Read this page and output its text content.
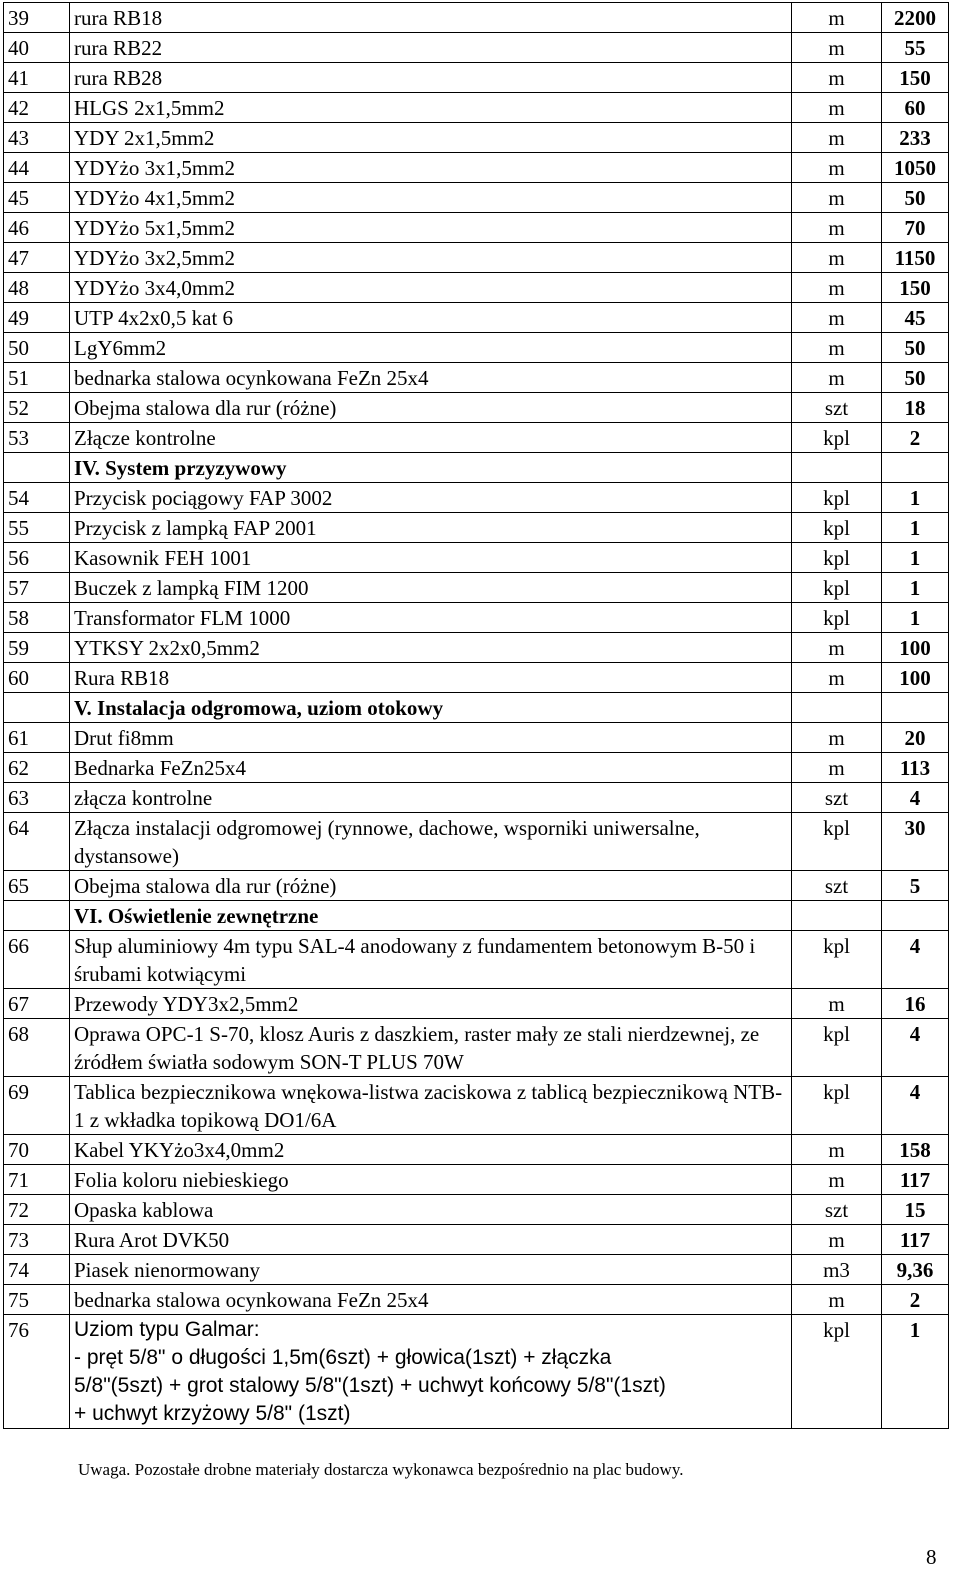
39	rura RB18	m	2200
40	rura RB22	m	55
41	rura RB28	m	150
42	HLGS 2x1,5mm2	m	60
43	YDY 2x1,5mm2	m	233
44	YDYżo 3x1,5mm2	m	1050
45	YDYżo 4x1,5mm2	m	50
46	YDYżo 5x1,5mm2	m	70
47	YDYżo 3x2,5mm2	m	1150
48	YDYżo 3x4,0mm2	m	150
49	UTP 4x2x0,5 kat 6	m	45
50	LgY6mm2	m	50
51	bednarka stalowa ocynkowana FeZn 25x4	m	50
52	Obejma stalowa dla rur (różne)	szt	18
53	Złącze kontrolne	kpl	2
	IV. System przyzywowy		
54	Przycisk pociągowy FAP 3002	kpl	1
55	Przycisk z lampką FAP 2001	kpl	1
56	Kasownik FEH 1001	kpl	1
57	Buczek z lampką FIM 1200	kpl	1
58	Transformator FLM 1000	kpl	1
59	YTKSY 2x2x0,5mm2	m	100
60	Rura RB18	m	100
	V. Instalacja odgromowa, uziom otokowy		
61	Drut fi8mm	m	20
62	Bednarka FeZn25x4	m	113
63	złącza kontrolne	szt	4
64	Złącza instalacji odgromowej (rynnowe, dachowe, wsporniki uniwersalne, dystansowe)	kpl	30
65	Obejma stalowa dla rur (różne)	szt	5
	VI. Oświetlenie zewnętrzne		
66	Słup aluminiowy 4m typu SAL-4 anodowany z fundamentem betonowym B-50 i śrubami kotwiącymi	kpl	4
67	Przewody YDY3x2,5mm2	m	16
68	Oprawa OPC-1 S-70, klosz Auris z daszkiem, raster mały ze stali nierdzewnej, ze źródłem światła sodowym SON-T PLUS 70W	kpl	4
69	Tablica bezpiecznikowa wnękowa-listwa zaciskowa z tablicą bezpiecznikową NTB-1 z wkładka topikową DO1/6A	kpl	4
70	Kabel YKYżo3x4,0mm2	m	158
71	Folia koloru niebieskiego	m	117
72	Opaska kablowa	szt	15
73	Rura Arot DVK50	m	117
74	Piasek nienormowany	m3	9,36
75	bednarka stalowa ocynkowana FeZn 25x4	m	2
76	Uziom typu Galmar:
- pręt 5/8" o długości 1,5m(6szt) + głowica(1szt) + złączka
5/8"(5szt) + grot stalowy 5/8"(1szt) + uchwyt końcowy 5/8"(1szt)
+ uchwyt krzyżowy 5/8" (1szt)	kpl	1
Uwaga. Pozostałe drobne materiały dostarcza wykonawca bezpośrednio na plac budowy.
8
